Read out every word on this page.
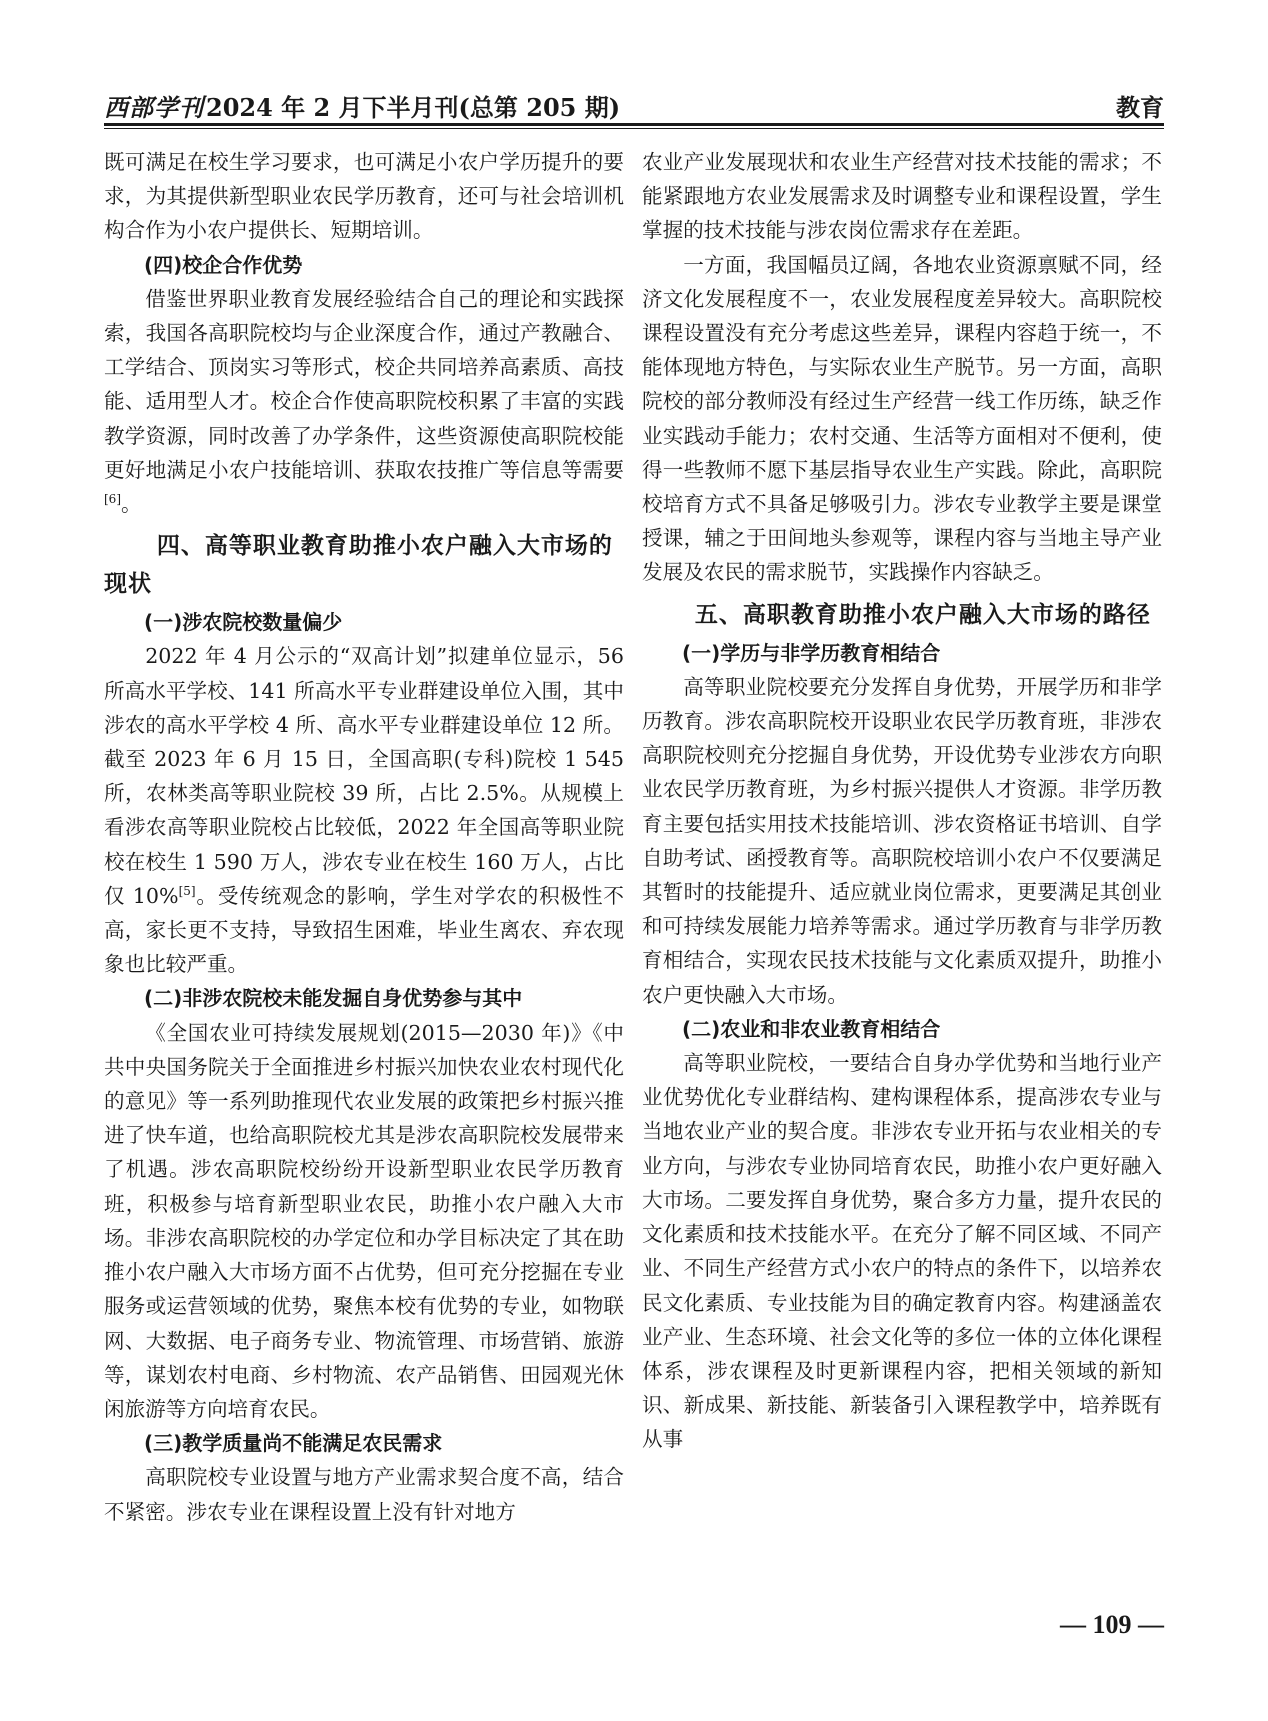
西部学刊2024 年 2 月下半月刊(总第 205 期)	教育

既可满足在校生学习要求，也可满足小农户学历提升的要求，为其提供新型职业农民学历教育，还可与社会培训机构合作为小农户提供长、短期培训。

(四)校企合作优势

借鉴世界职业教育发展经验结合自己的理论和实践探索，我国各高职院校均与企业深度合作，通过产教融合、工学结合、顶岗实习等形式，校企共同培养高素质、高技能、适用型人才。校企合作使高职院校积累了丰富的实践教学资源，同时改善了办学条件，这些资源使高职院校能更好地满足小农户技能培训、获取农技推广等信息等需要[6]。

四、高等职业教育助推小农户融入大市场的现状
(一)涉农院校数量偏少

2022 年 4 月公示的“双高计划”拟建单位显示，56 所高水平学校、141 所高水平专业群建设单位入围，其中涉农的高水平学校 4 所、高水平专业群建设单位 12 所。截至 2023 年 6 月 15 日，全国高职(专科)院校 1 545 所，农林类高等职业院校 39 所，占比 2.5%。从规模上看涉农高等职业院校占比较低，2022 年全国高等职业院校在校生 1 590 万人，涉农专业在校生 160 万人，占比仅 10%[5]。受传统观念的影响，学生对学农的积极性不高，家长更不支持，导致招生困难，毕业生离农、弃农现象也比较严重。

(二)非涉农院校未能发掘自身优势参与其中

《全国农业可持续发展规划(2015—2030 年)》《中共中央国务院关于全面推进乡村振兴加快农业农村现代化的意见》等一系列助推现代农业发展的政策把乡村振兴推进了快车道，也给高职院校尤其是涉农高职院校发展带来了机遇。涉农高职院校纷纷开设新型职业农民学历教育班，积极参与培育新型职业农民，助推小农户融入大市场。非涉农高职院校的办学定位和办学目标决定了其在助推小农户融入大市场方面不占优势，但可充分挖掘在专业服务或运营领域的优势，聚焦本校有优势的专业，如物联网、大数据、电子商务专业、物流管理、市场营销、旅游等，谋划农村电商、乡村物流、农产品销售、田园观光休闲旅游等方向培育农民。

(三)教学质量尚不能满足农民需求

高职院校专业设置与地方产业需求契合度不高，结合不紧密。涉农专业在课程设置上没有针对地方

农业产业发展现状和农业生产经营对技术技能的需求；不能紧跟地方农业发展需求及时调整专业和课程设置，学生掌握的技术技能与涉农岗位需求存在差距。

一方面，我国幅员辽阔，各地农业资源禀赋不同，经济文化发展程度不一，农业发展程度差异较大。高职院校课程设置没有充分考虑这些差异，课程内容趋于统一，不能体现地方特色，与实际农业生产脱节。另一方面，高职院校的部分教师没有经过生产经营一线工作历练，缺乏作业实践动手能力；农村交通、生活等方面相对不便利，使得一些教师不愿下基层指导农业生产实践。除此，高职院校培育方式不具备足够吸引力。涉农专业教学主要是课堂授课，辅之于田间地头参观等，课程内容与当地主导产业发展及农民的需求脱节，实践操作内容缺乏。

五、高职教育助推小农户融入大市场的路径
(一)学历与非学历教育相结合

高等职业院校要充分发挥自身优势，开展学历和非学历教育。涉农高职院校开设职业农民学历教育班，非涉农高职院校则充分挖掘自身优势，开设优势专业涉农方向职业农民学历教育班，为乡村振兴提供人才资源。非学历教育主要包括实用技术技能培训、涉农资格证书培训、自学自助考试、函授教育等。高职院校培训小农户不仅要满足其暂时的技能提升、适应就业岗位需求，更要满足其创业和可持续发展能力培养等需求。通过学历教育与非学历教育相结合，实现农民技术技能与文化素质双提升，助推小农户更快融入大市场。

(二)农业和非农业教育相结合

高等职业院校，一要结合自身办学优势和当地行业产业优势优化专业群结构、建构课程体系，提高涉农专业与当地农业产业的契合度。非涉农专业开拓与农业相关的专业方向，与涉农专业协同培育农民，助推小农户更好融入大市场。二要发挥自身优势，聚合多方力量，提升农民的文化素质和技术技能水平。在充分了解不同区域、不同产业、不同生产经营方式小农户的特点的条件下，以培养农民文化素质、专业技能为目的确定教育内容。构建涵盖农业产业、生态环境、社会文化等的多位一体的立体化课程体系，涉农课程及时更新课程内容，把相关领域的新知识、新成果、新技能、新装备引入课程教学中，培养既有从事

— 109 —
